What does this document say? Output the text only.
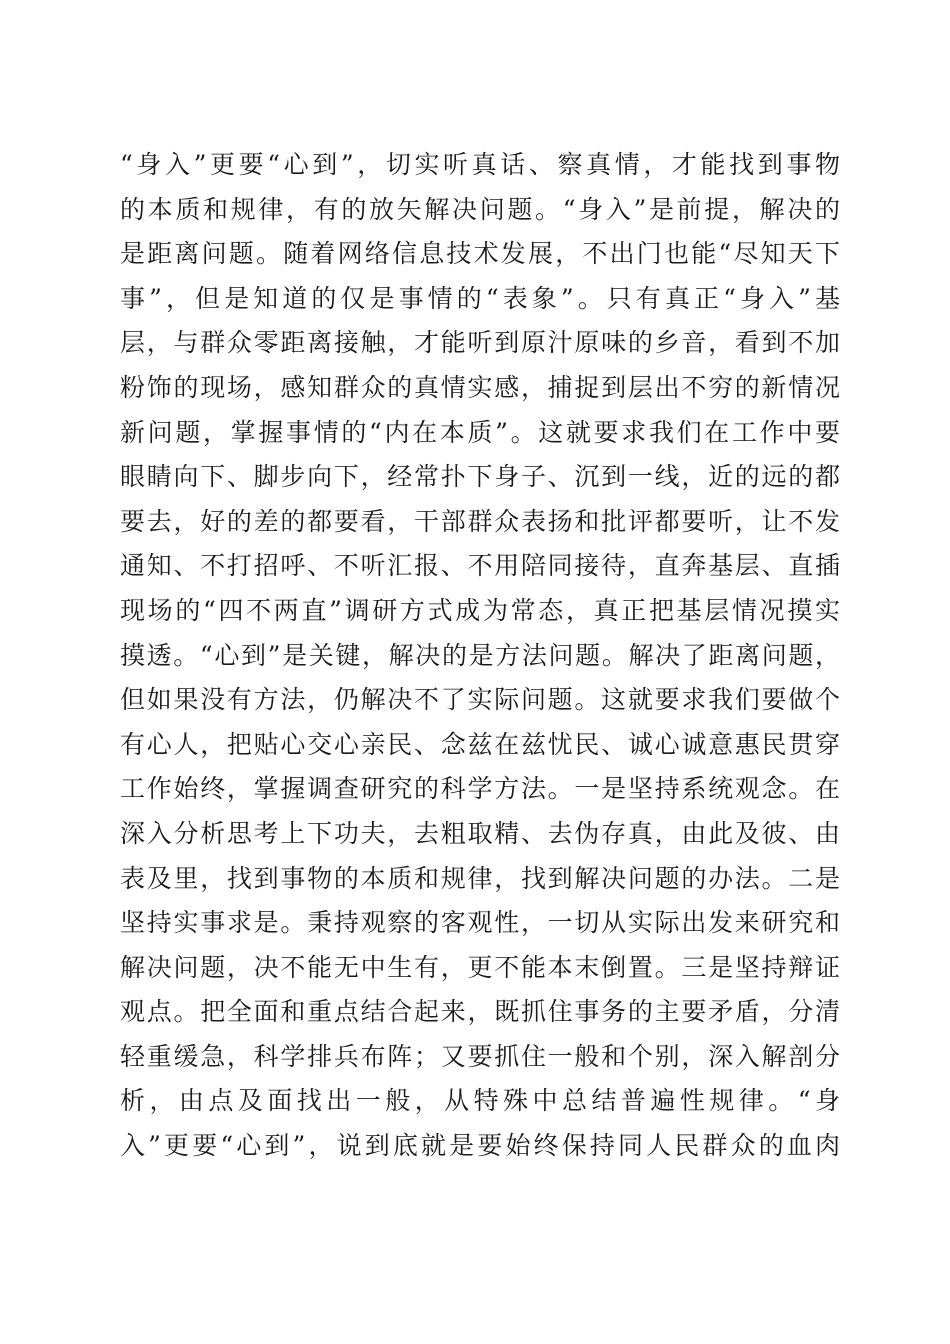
“身入”更要“心到”，切实听真话、察真情，才能找到事物
的本质和规律，有的放矢解决问题。“身入”是前提，解决的
是距离问题。随着网络信息技术发展，不出门也能“尽知天下
事”，但是知道的仅是事情的“表象”。只有真正“身入”基
层，与群众零距离接触，才能听到原汁原味的乡音，看到不加
粉饰的现场，感知群众的真情实感，捕捉到层出不穷的新情况
新问题，掌握事情的“内在本质”。这就要求我们在工作中要
眼睛向下、脚步向下，经常扑下身子、沉到一线，近的远的都
要去，好的差的都要看，干部群众表扬和批评都要听，让不发
通知、不打招呼、不听汇报、不用陪同接待，直奔基层、直插
现场的“四不两直”调研方式成为常态，真正把基层情况摸实
摸透。“心到”是关键，解决的是方法问题。解决了距离问题，
但如果没有方法，仍解决不了实际问题。这就要求我们要做个
有心人，把贴心交心亲民、念兹在兹忧民、诚心诚意惠民贯穿
工作始终，掌握调查研究的科学方法。一是坚持系统观念。在
深入分析思考上下功夫，去粗取精、去伪存真，由此及彼、由
表及里，找到事物的本质和规律，找到解决问题的办法。二是
坚持实事求是。秉持观察的客观性，一切从实际出发来研究和
解决问题，决不能无中生有，更不能本末倒置。三是坚持辩证
观点。把全面和重点结合起来，既抓住事务的主要矛盾，分清
轻重缓急，科学排兵布阵；又要抓住一般和个别，深入解剖分
析，由点及面找出一般，从特殊中总结普遍性规律。“身
入”更要“心到”，说到底就是要始终保持同人民群众的血肉
